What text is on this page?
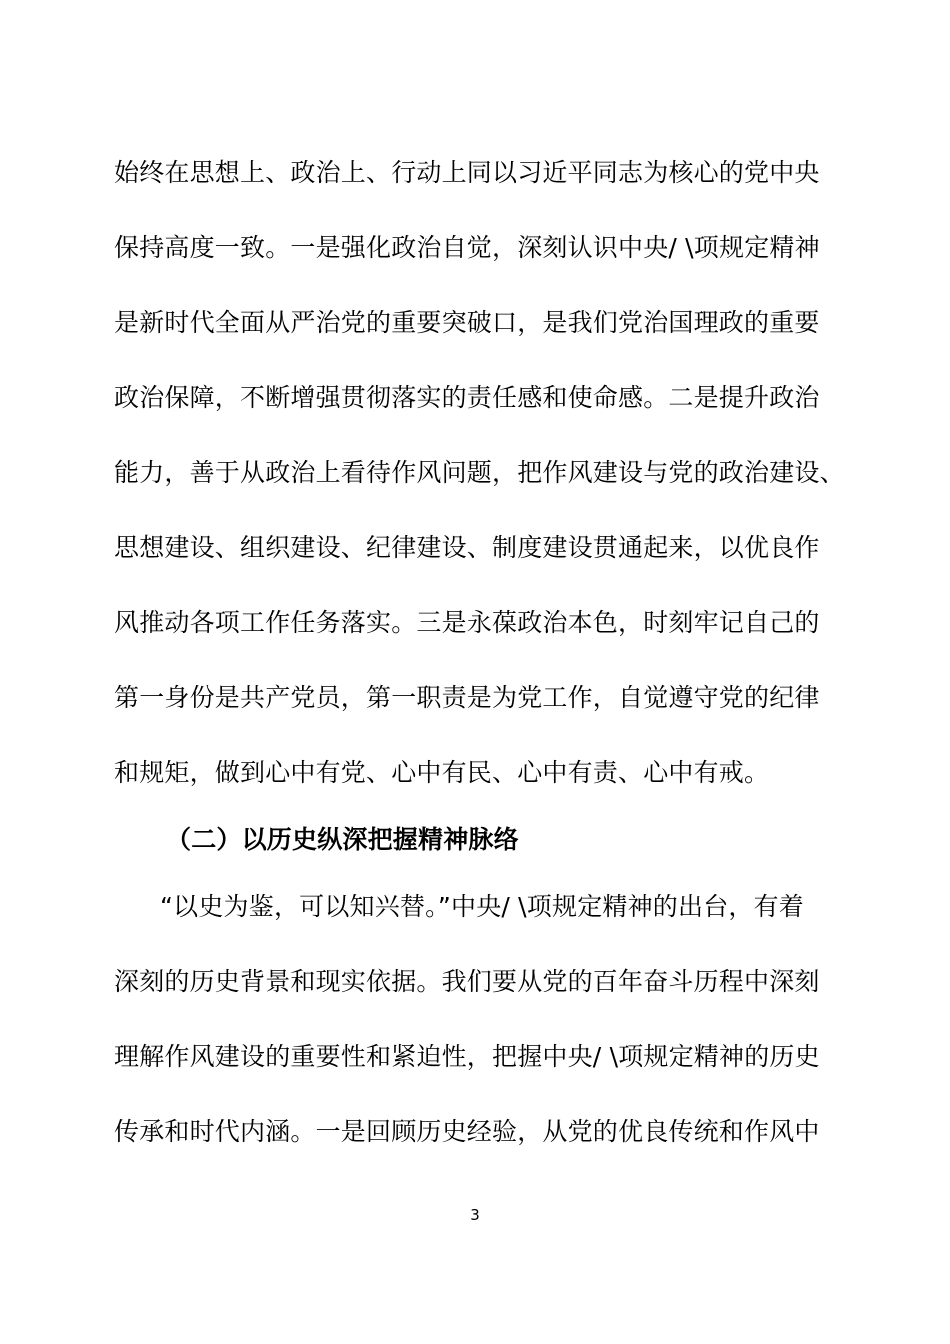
始终在思想上、政治上、行动上同以习近平同志为核心的党中央
保持高度一致。一是强化政治自觉，深刻认识中央/ \项规定精神
是新时代全面从严治党的重要突破口，是我们党治国理政的重要
政治保障，不断增强贯彻落实的责任感和使命感。二是提升政治
能力，善于从政治上看待作风问题，把作风建设与党的政治建设、
思想建设、组织建设、纪律建设、制度建设贯通起来，以优良作
风推动各项工作任务落实。三是永葆政治本色，时刻牢记自己的
第一身份是共产党员，第一职责是为党工作，自觉遵守党的纪律
和规矩，做到心中有党、心中有民、心中有责、心中有戒。
（二）以历史纵深把握精神脉络
“以史为鉴，可以知兴替。”中央/ \项规定精神的出台，有着
深刻的历史背景和现实依据。我们要从党的百年奋斗历程中深刻
理解作风建设的重要性和紧迫性，把握中央/ \项规定精神的历史
传承和时代内涵。一是回顾历史经验，从党的优良传统和作风中
3
